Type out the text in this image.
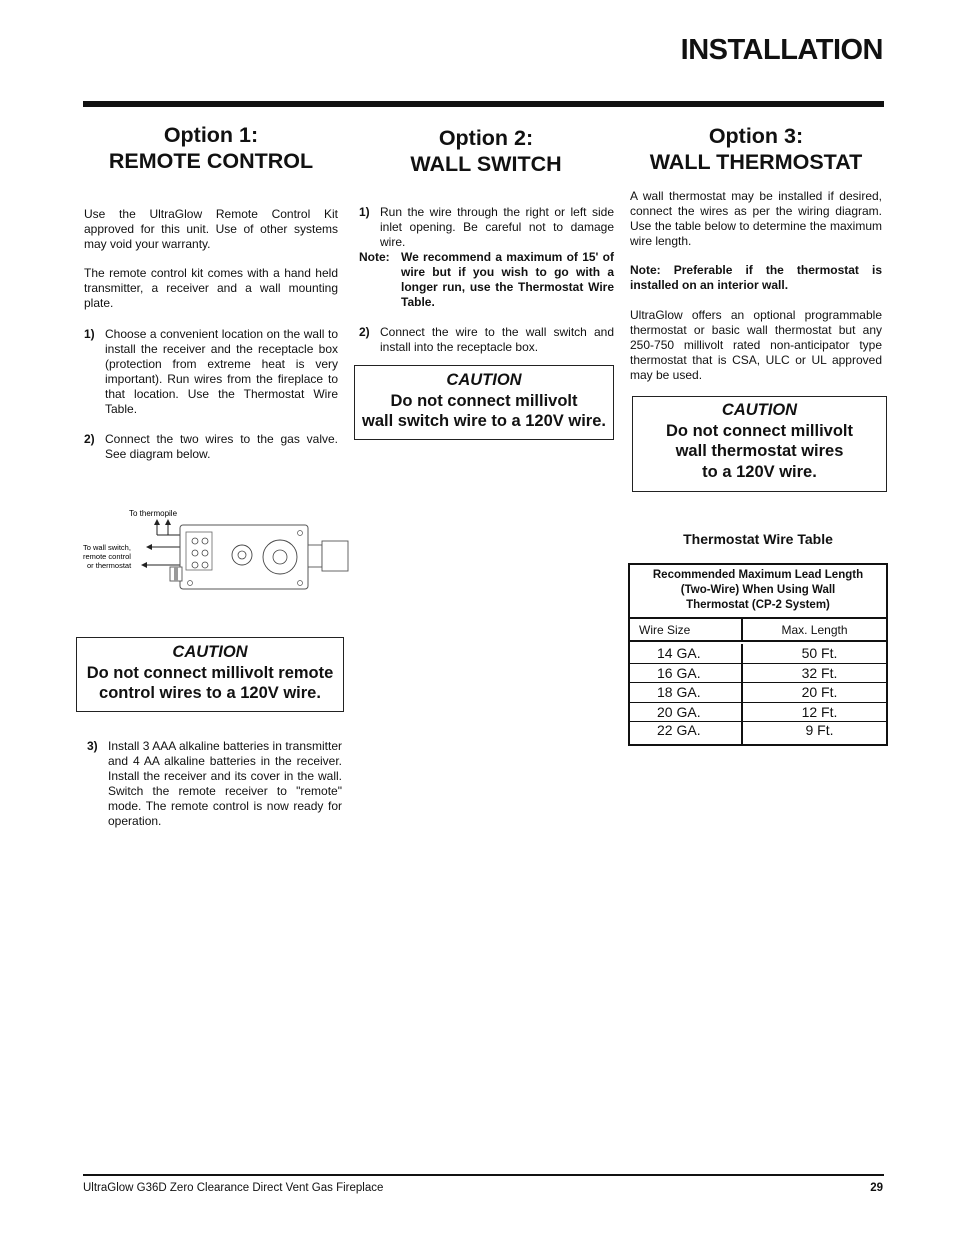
INSTALLATION
Option 1:
REMOTE CONTROL
Use the UltraGlow Remote Control Kit approved for this unit. Use of other systems may void your warranty.
The remote control kit comes with a hand held transmitter, a receiver and a wall mounting plate.
1) Choose a convenient location on the wall to install the receiver and the receptacle box (protection from extreme heat is very important). Run wires from the fireplace to that location. Use the Thermostat Wire Table.
2) Connect the two wires to the gas valve. See diagram below.
To thermopile
To wall switch,
remote control
or thermostat
CAUTION
Do not connect millivolt remote
control wires to a 120V wire.
3) Install 3 AAA alkaline batteries in transmitter and 4 AA alkaline batteries in the receiver. Install the receiver and its cover in the wall. Switch the remote receiver to "remote" mode. The remote control is now ready for operation.
Option 2:
WALL SWITCH
1) Run the wire through the right or left side inlet opening. Be careful not to damage wire.
Note: We recommend a maximum of 15' of wire but if you wish to go with a longer run, use the Thermostat Wire Table.
2) Connect the wire to the wall switch and install into the receptacle box.
CAUTION
Do not connect millivolt
wall switch wire to a 120V wire.
Option 3:
WALL THERMOSTAT
A wall thermostat may be installed if desired, connect the wires as per the wiring diagram. Use the table below to determine the maximum wire length.
Note: Preferable if the thermostat is installed on an interior wall.
UltraGlow offers an optional programmable thermostat or basic wall thermostat but any 250-750 millivolt rated non-anticipator type thermostat that is CSA, ULC or UL approved may be used.
CAUTION
Do not connect millivolt
wall thermostat wires
to a 120V wire.
Thermostat Wire Table
Recommended Maximum Lead Length
(Two-Wire) When Using Wall
Thermostat (CP-2 System)
Wire Size	Max. Length
14 GA.	50 Ft.
16 GA.	32 Ft.
18 GA.	20 Ft.
20 GA.	12 Ft.
22 GA.	9 Ft.
UltraGlow G36D Zero Clearance Direct Vent Gas Fireplace	29
